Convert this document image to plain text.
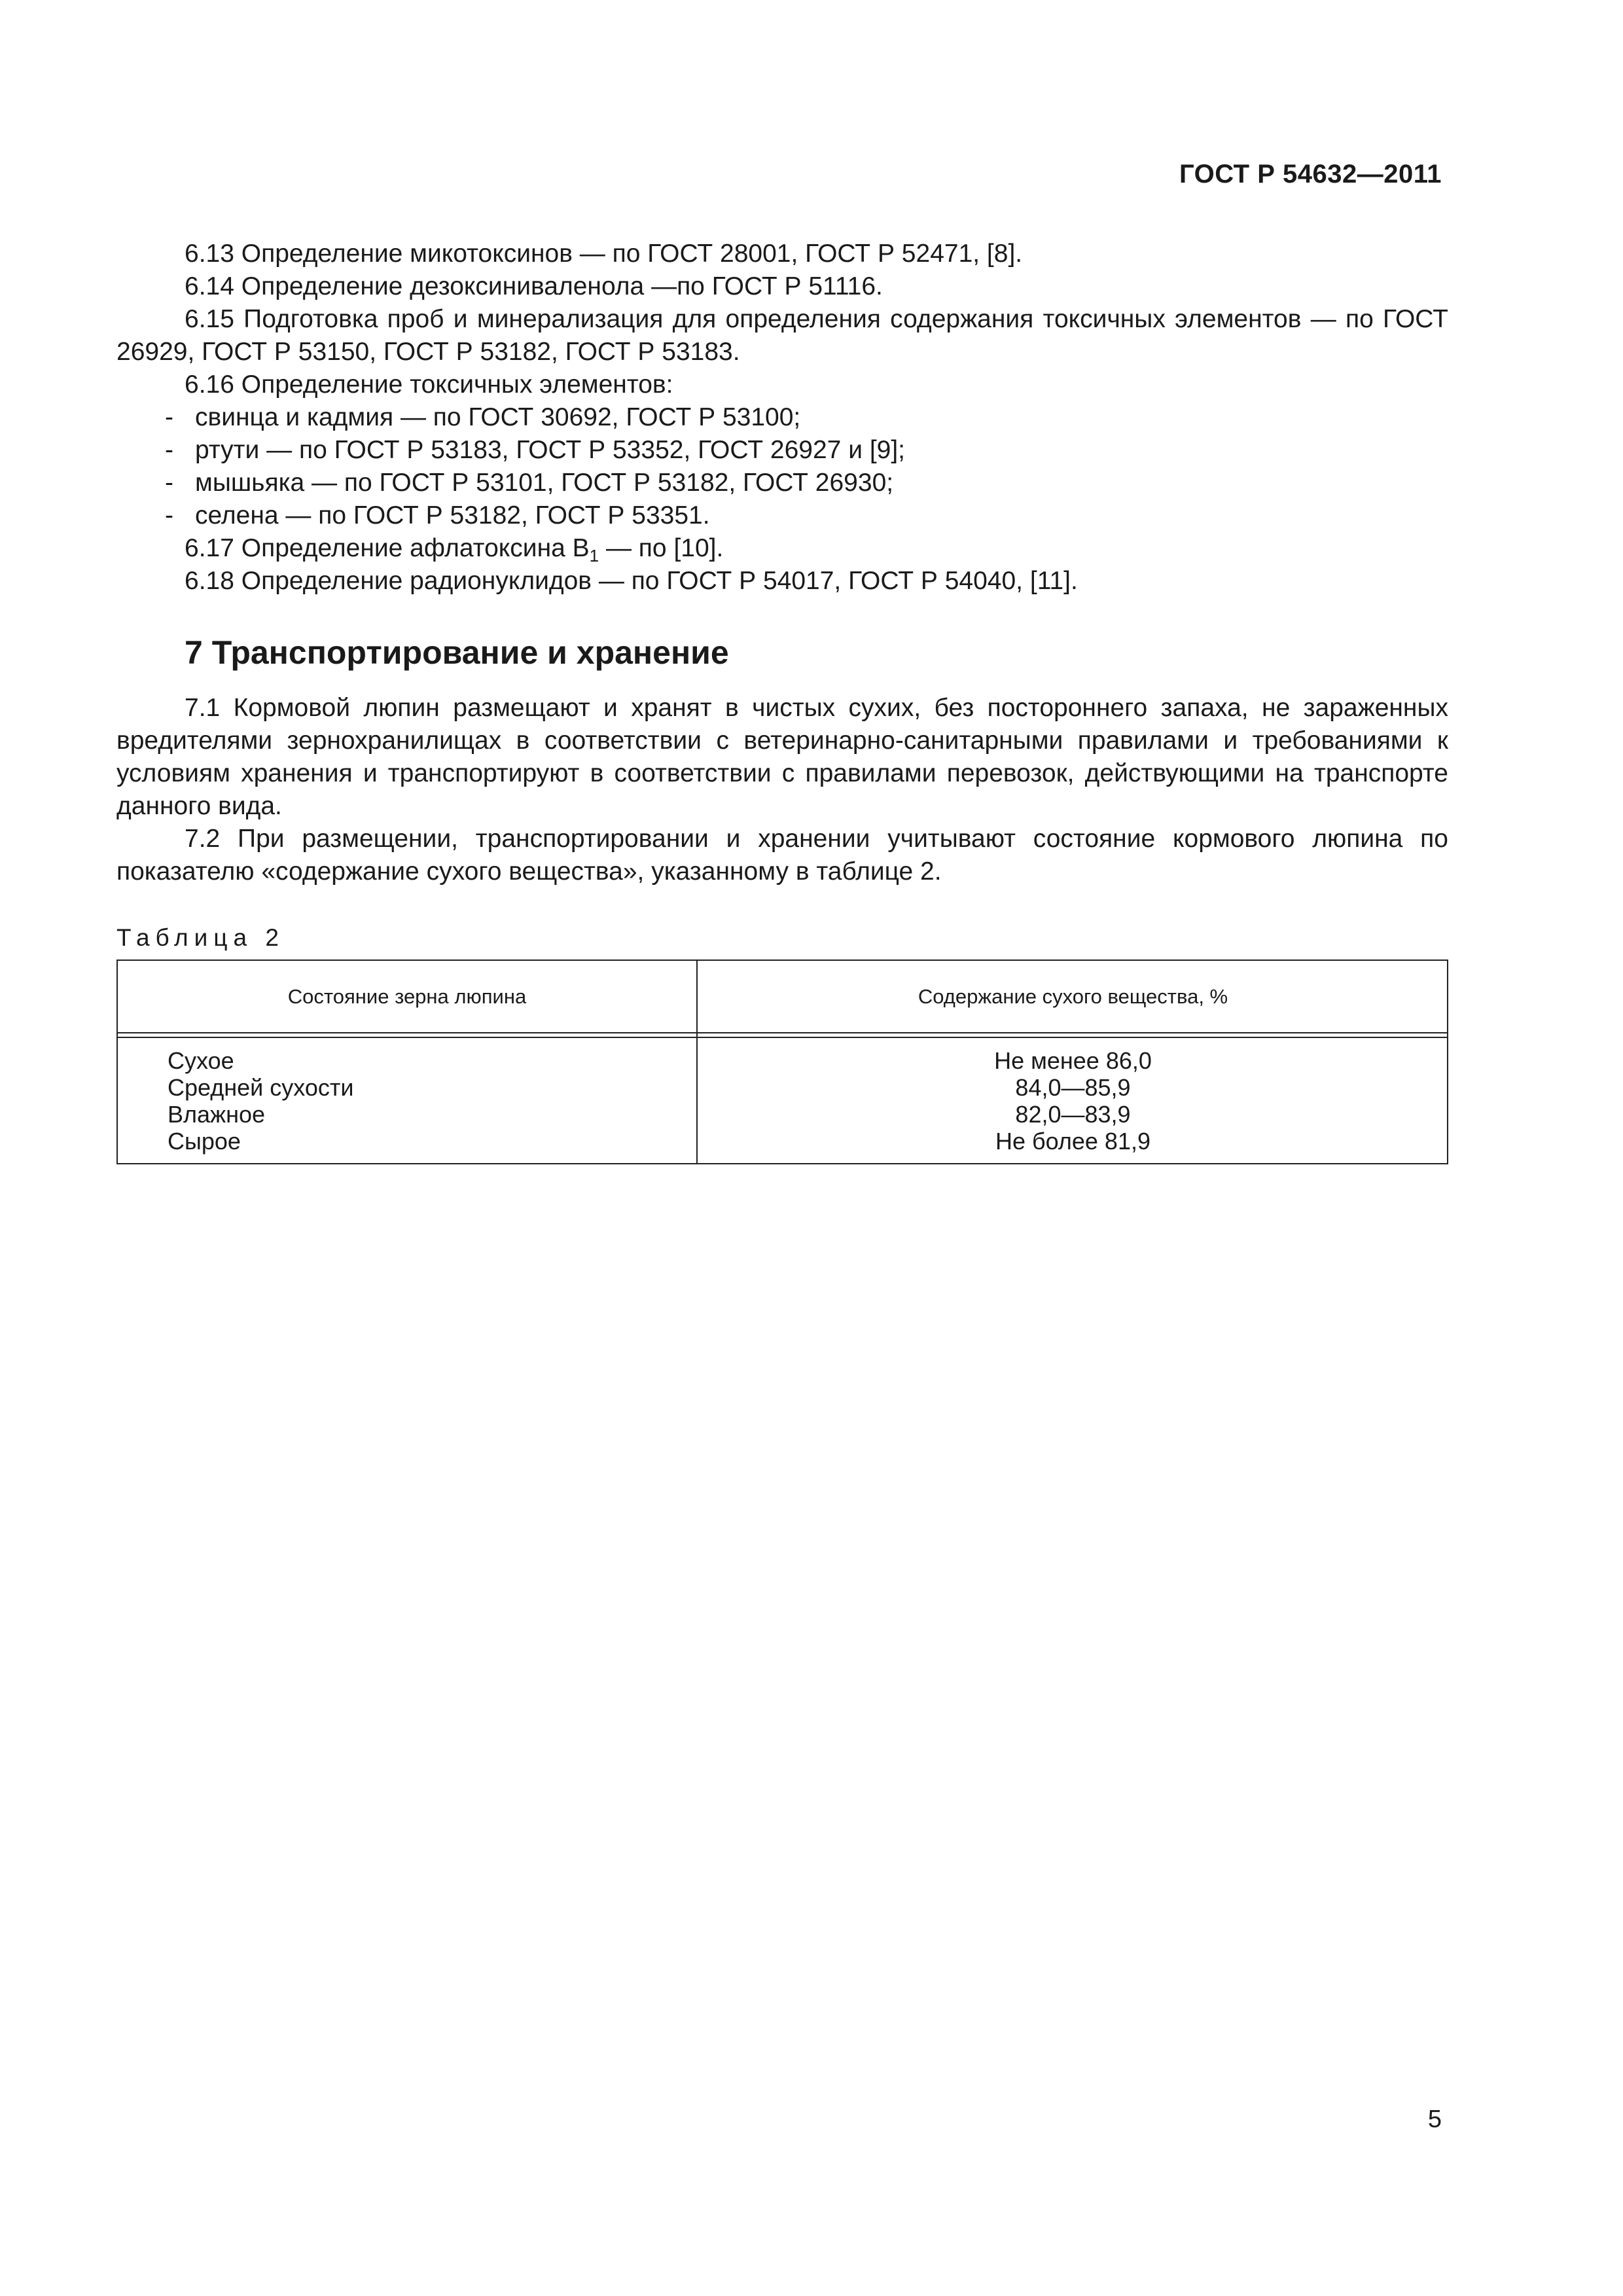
ГОСТ Р 54632—2011

6.13 Определение микотоксинов — по ГОСТ 28001, ГОСТ Р 52471, [8].

6.14 Определение дезоксиниваленола —по ГОСТ Р 51116.

6.15 Подготовка проб и минерализация для определения содержания токсичных элементов — по ГОСТ 26929, ГОСТ Р 53150, ГОСТ Р 53182, ГОСТ Р 53183.

6.16 Определение токсичных элементов:

- свинца и кадмия — по ГОСТ 30692, ГОСТ Р 53100;

- ртути — по ГОСТ Р 53183, ГОСТ Р 53352, ГОСТ 26927 и [9];

- мышьяка — по ГОСТ Р 53101, ГОСТ Р 53182, ГОСТ 26930;

- селена — по ГОСТ Р 53182, ГОСТ Р 53351.

6.17 Определение афлатоксина $В_1$ — по [10].

6.18 Определение радионуклидов — по ГОСТ Р 54017, ГОСТ Р 54040, [11].

7 Транспортирование и хранение

7.1 Кормовой люпин размещают и хранят в чистых сухих, без постороннего запаха, не зараженных вредителями зернохранилищах в соответствии с ветеринарно-санитарными правилами и требованиями к условиям хранения и транспортируют в соответствии с правилами перевозок, действующими на транспорте данного вида.

7.2 При размещении, транспортировании и хранении учитывают состояние кормового люпина по показателю «содержание сухого вещества», указанному в таблице 2.

Таблица 2
Состояние зерна люпина	Содержание сухого вещества, %
Сухое
Средней сухости
Влажное
Сырое
Не менее 86,0
84,0—85,9
82,0—83,9
Не более 81,9
5
